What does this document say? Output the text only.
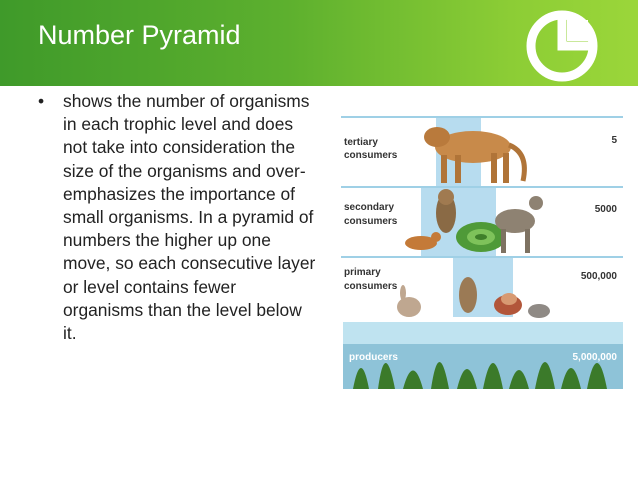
Number Pyramid
• shows the number of organisms in each trophic level and does not take into consideration the size of the organisms and over-emphasizes the importance of small organisms. In a pyramid of numbers the higher up one move, so each consecutive layer or level contains fewer organisms than the level below it.
tertiary
consumers
5
secondary
consumers
5000
primary
consumers
500,000
producers	5,000,000
